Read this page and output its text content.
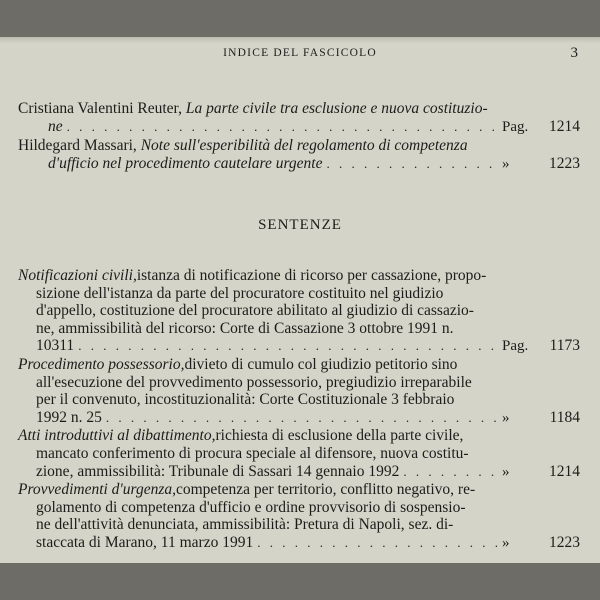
INDICE DEL FASCICOLO	3
Cristiana Valentini Reuter,
La parte civile tra esclusione e nuova costituzio-
ne . . .	Pag. 1214
Hildegard Massari,
Note sull'esperibilità del regolamento di competenza
d'ufficio nel procedimento cautelare urgente . . .	»	1223
SENTENZE
Notificazioni civili, istanza di notificazione di ricorso per cassazione, propo-
sizione dell'istanza da parte del procuratore costituito nel giudizio
d'appello, costituzione del procuratore abilitato al giudizio di cassazio-
ne, ammissibilità del ricorso: Corte di Cassazione 3 ottobre 1991 n.
10311 . . .	Pag. 1173
Procedimento possessorio, divieto di cumulo col giudizio petitorio sino
all'esecuzione del provvedimento possessorio, pregiudizio irreparabile
per il convenuto, incostituzionalità: Corte Costituzionale 3 febbraio
1992 n. 25 . . .	»	1184
Atti introduttivi al dibattimento, richiesta di esclusione della parte civile,
mancato conferimento di procura speciale al difensore, nuova costitu-
zione, ammissibilità: Tribunale di Sassari 14 gennaio 1992 . . .	»	1214
Provvedimenti d'urgenza, competenza per territorio, conflitto negativo, re-
golamento di competenza d'ufficio e ordine provvisorio di sospensio-
ne dell'attività denunciata, ammissibilità: Pretura di Napoli, sez. di-
staccata di Marano, 11 marzo 1991 . . .	»	1223
